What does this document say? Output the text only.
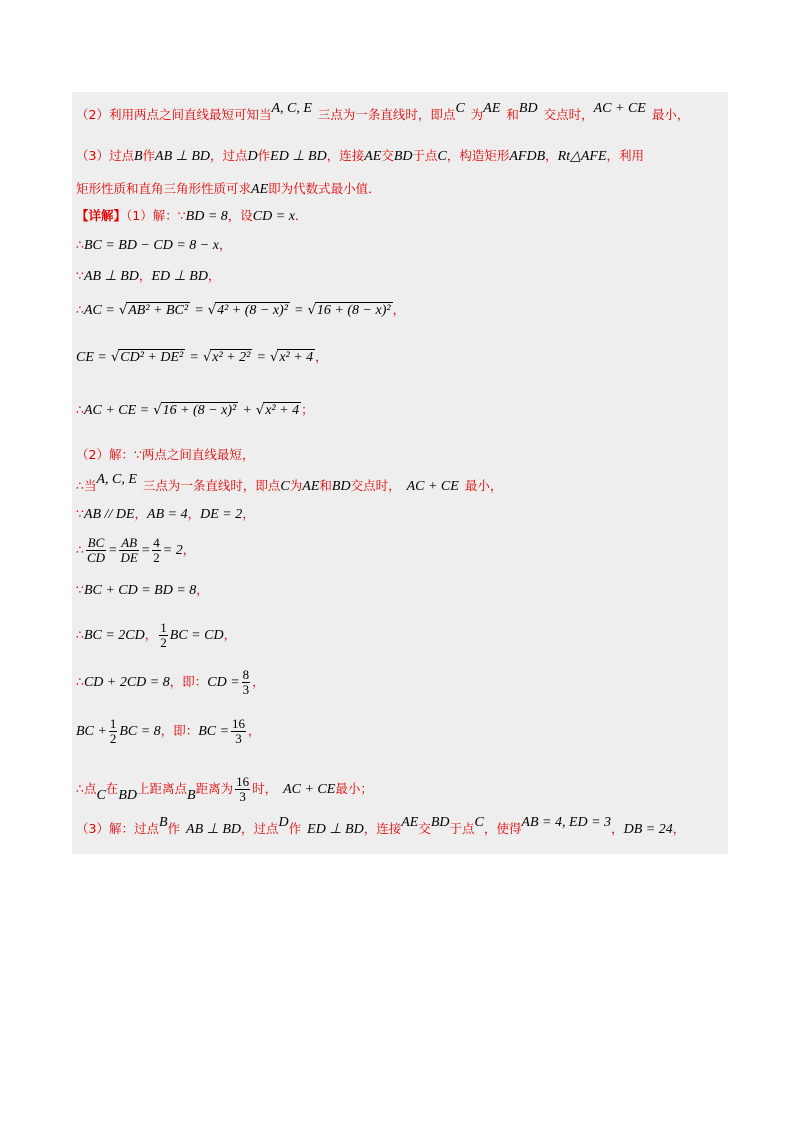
（2）利用两点之间直线最短可知当A, C, E 三点为一条直线时，即点C 为AE 和BD 交点时，AC + CE 最小，
（3）过点B作AB ⊥ BD，过点D作ED ⊥ BD，连接AE交BD于点C，构造矩形AFDB，Rt△AFE，利用
矩形性质和直角三角形性质可求AE即为代数式最小值．
【详解】（1）解：∵BD = 8，设CD = x．
∴BC = BD − CD = 8 − x，
∵AB ⊥ BD，ED ⊥ BD，
∴AC = √AB² + BC² = √4² + (8 − x)² = √16 + (8 − x)² ，
CE = √CD² + DE² = √x² + 2² = √x² + 4 ，
∴AC + CE = √16 + (8 − x)² + √x² + 4 ；
（2）解：∵两点之间直线最短，
∴当A, C, E 三点为一条直线时，即点C为AE和BD交点时， AC + CE 最小，
∵AB // DE，AB = 4，DE = 2，
∴ $\frac{BC}{CD} = \frac{AB}{DE} = \frac{4}{2} = 2$，
∵BC + CD = BD = 8，
∴BC = 2CD， $\frac{1}{2}$ BC = CD，
∴CD + 2CD = 8，即：CD = $\frac{8}{3}$ ，
BC + $\frac{1}{2}$ BC = 8，即：BC = $\frac{16}{3}$ ，
∴点C在BD上距离点B距离为 $\frac{16}{3}$ 时， AC + CE最小；
（3）解：过点B作 AB ⊥ BD，过点D作 ED ⊥ BD，连接AE交BD于点C，使得AB = 4, ED = 3，DB = 24，
